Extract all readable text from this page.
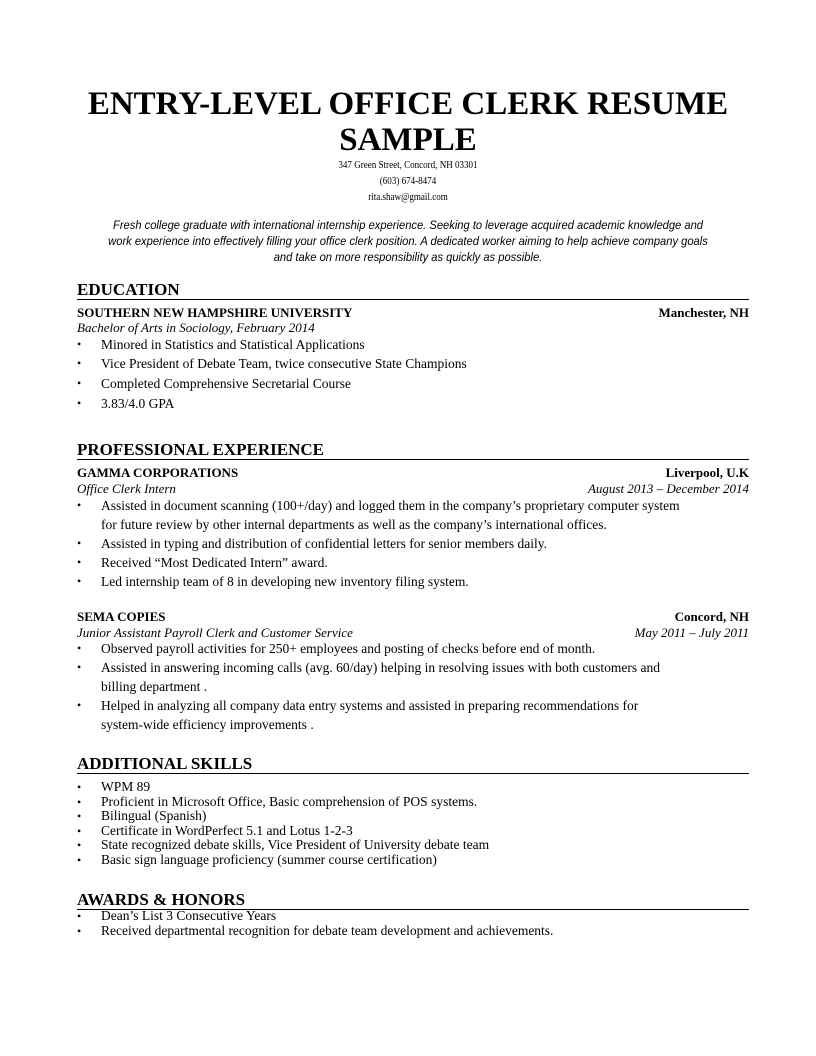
ENTRY-LEVEL OFFICE CLERK RESUME
SAMPLE
347 Green Street, Concord, NH 03301
(603) 674-8474
rita.shaw@gmail.com
Fresh college graduate with international internship experience. Seeking to leverage acquired academic knowledge and
work experience into effectively filling your office clerk position. A dedicated worker aiming to help achieve company goals
and take on more responsibility as quickly as possible.
EDUCATION
SOUTHERN NEW HAMPSHIRE UNIVERSITY	Manchester, NH
Bachelor of Arts in Sociology, February 2014
• Minored in Statistics and Statistical Applications
• Vice President of Debate Team, twice consecutive State Champions
• Completed Comprehensive Secretarial Course
• 3.83/4.0 GPA
PROFESSIONAL EXPERIENCE
GAMMA CORPORATIONS	Liverpool, U.K
Office Clerk Intern	August 2013 – December 2014
• Assisted in document scanning (100+/day) and logged them in the company’s proprietary computer system
for future review by other internal departments as well as the company’s international offices.
• Assisted in typing and distribution of confidential letters for senior members daily.
• Received “Most Dedicated Intern” award.
• Led internship team of 8 in developing new inventory filing system.
SEMA COPIES	Concord, NH
Junior Assistant Payroll Clerk and Customer Service	May 2011 – July 2011
• Observed payroll activities for 250+ employees and posting of checks before end of month.
• Assisted in answering incoming calls (avg. 60/day) helping in resolving issues with both customers and
billing department .
• Helped in analyzing all company data entry systems and assisted in preparing recommendations for
system-wide efficiency improvements .
ADDITIONAL SKILLS
• WPM 89
• Proficient in Microsoft Office, Basic comprehension of POS systems.
• Bilingual (Spanish)
• Certificate in WordPerfect 5.1 and Lotus 1-2-3
• State recognized debate skills, Vice President of University debate team
• Basic sign language proficiency (summer course certification)
AWARDS & HONORS
• Dean’s List 3 Consecutive Years
• Received departmental recognition for debate team development and achievements.
